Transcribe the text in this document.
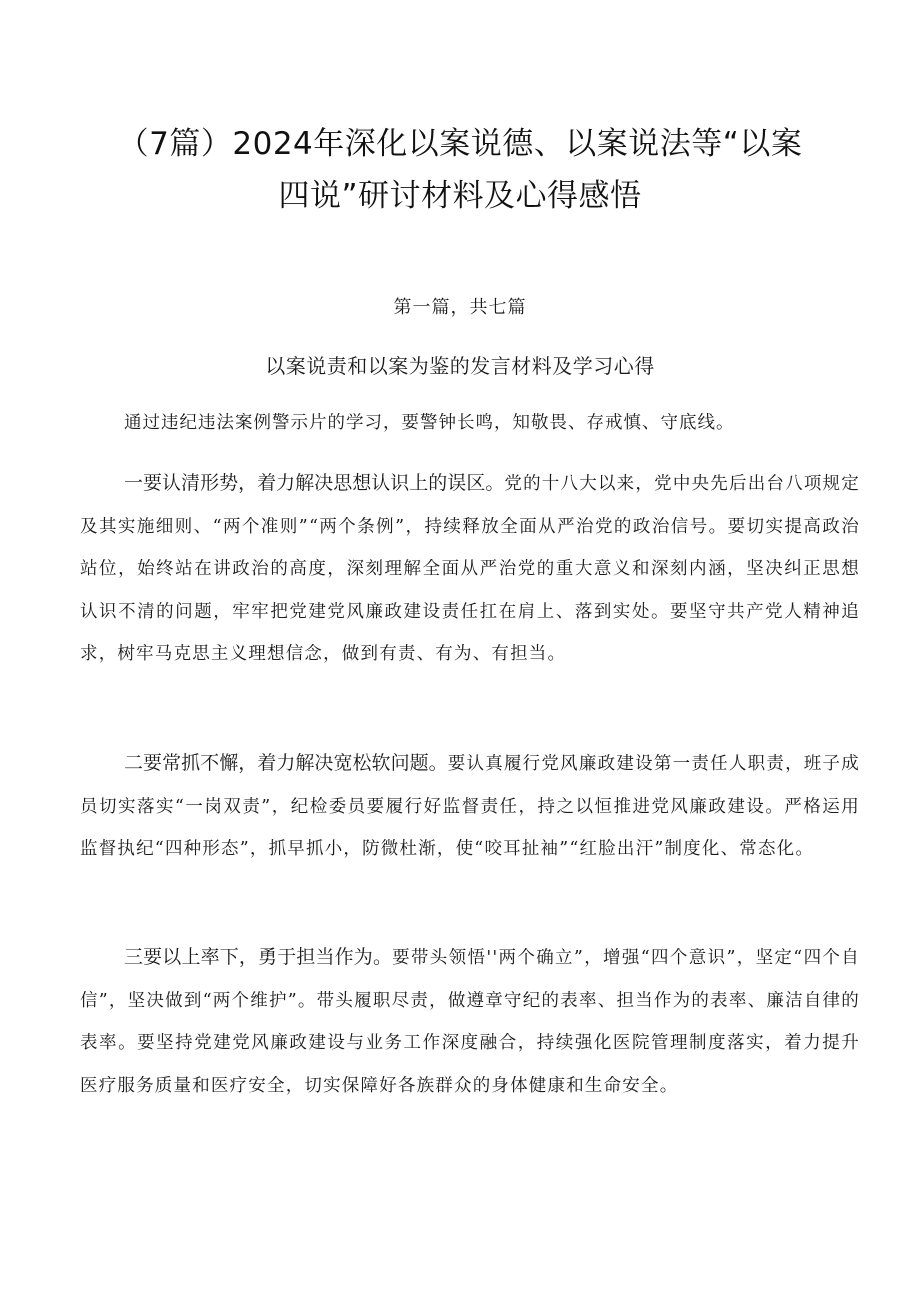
（7篇）2024年深化以案说德、以案说法等“以案
四说”研讨材料及心得感悟
第一篇，共七篇
以案说责和以案为鉴的发言材料及学习心得
通过违纪违法案例警示片的学习，要警钟长鸣，知敬畏、存戒慎、守底线。

一要认清形势，着力解决思想认识上的误区。党的十八大以来，党中央先后出台八项规定及其实施细则、“两个准则”“两个条例”，持续释放全面从严治党的政治信号。要切实提高政治站位，始终站在讲政治的高度，深刻理解全面从严治党的重大意义和深刻内涵，坚决纠正思想认识不清的问题，牢牢把党建党风廉政建设责任扛在肩上、落到实处。要坚守共产党人精神追求，树牢马克思主义理想信念，做到有责、有为、有担当。

二要常抓不懈，着力解决宽松软问题。要认真履行党风廉政建设第一责任人职责，班子成员切实落实“一岗双责”，纪检委员要履行好监督责任，持之以恒推进党风廉政建设。严格运用监督执纪“四种形态”，抓早抓小，防微杜渐，使“咬耳扯袖”“红脸出汗”制度化、常态化。

三要以上率下，勇于担当作为。要带头领悟''两个确立”，增强“四个意识”，坚定“四个自信”，坚决做到“两个维护”。带头履职尽责，做遵章守纪的表率、担当作为的表率、廉洁自律的表率。要坚持党建党风廉政建设与业务工作深度融合，持续强化医院管理制度落实，着力提升医疗服务质量和医疗安全，切实保障好各族群众的身体健康和生命安全。
